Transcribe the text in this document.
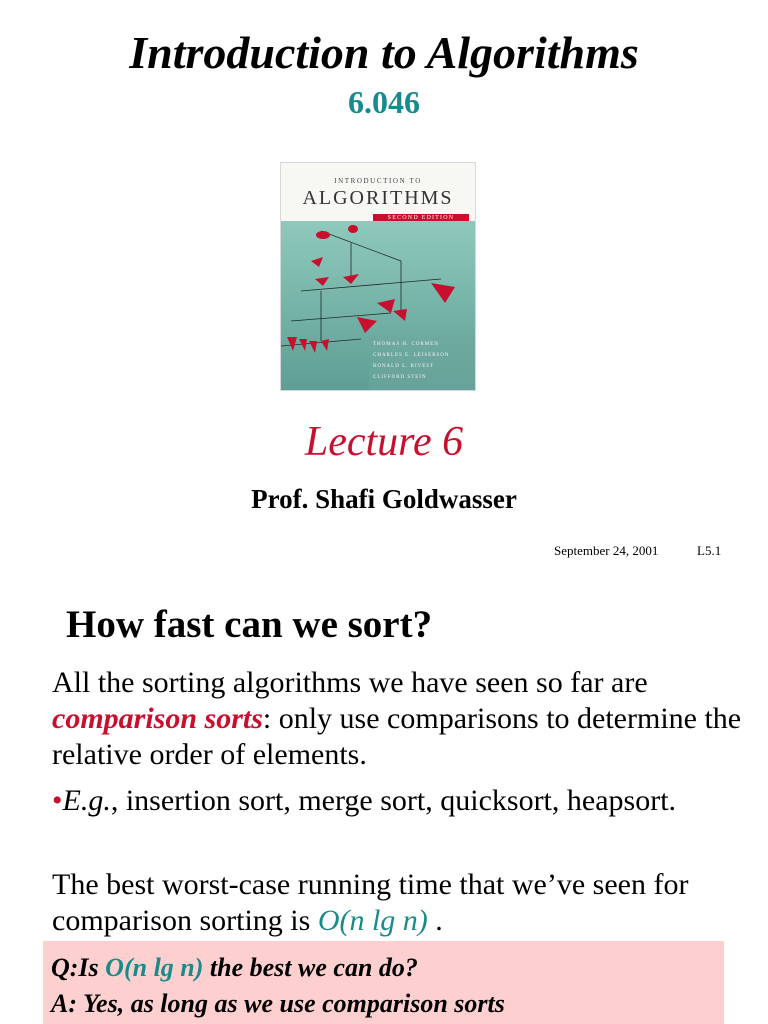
Introduction to Algorithms
6.046
INTRODUCTION TO
ALGORITHMS
SECOND EDITION
THOMAS H. CORMEN
CHARLES E. LEISERSON
RONALD L. RIVEST
CLIFFORD STEIN
Lecture 6
Prof. Shafi Goldwasser
September 24, 2001	L5.1
How fast can we sort?

All the sorting algorithms we have seen so far are comparison sorts: only use comparisons to determine the relative order of elements.

•E.g., insertion sort, merge sort, quicksort, heapsort.

The best worst-case running time that we’ve seen for comparison sorting is O(n lg n) .

Q:Is O(n lg n) the best we can do?
A: Yes, as long as we use comparison sorts
